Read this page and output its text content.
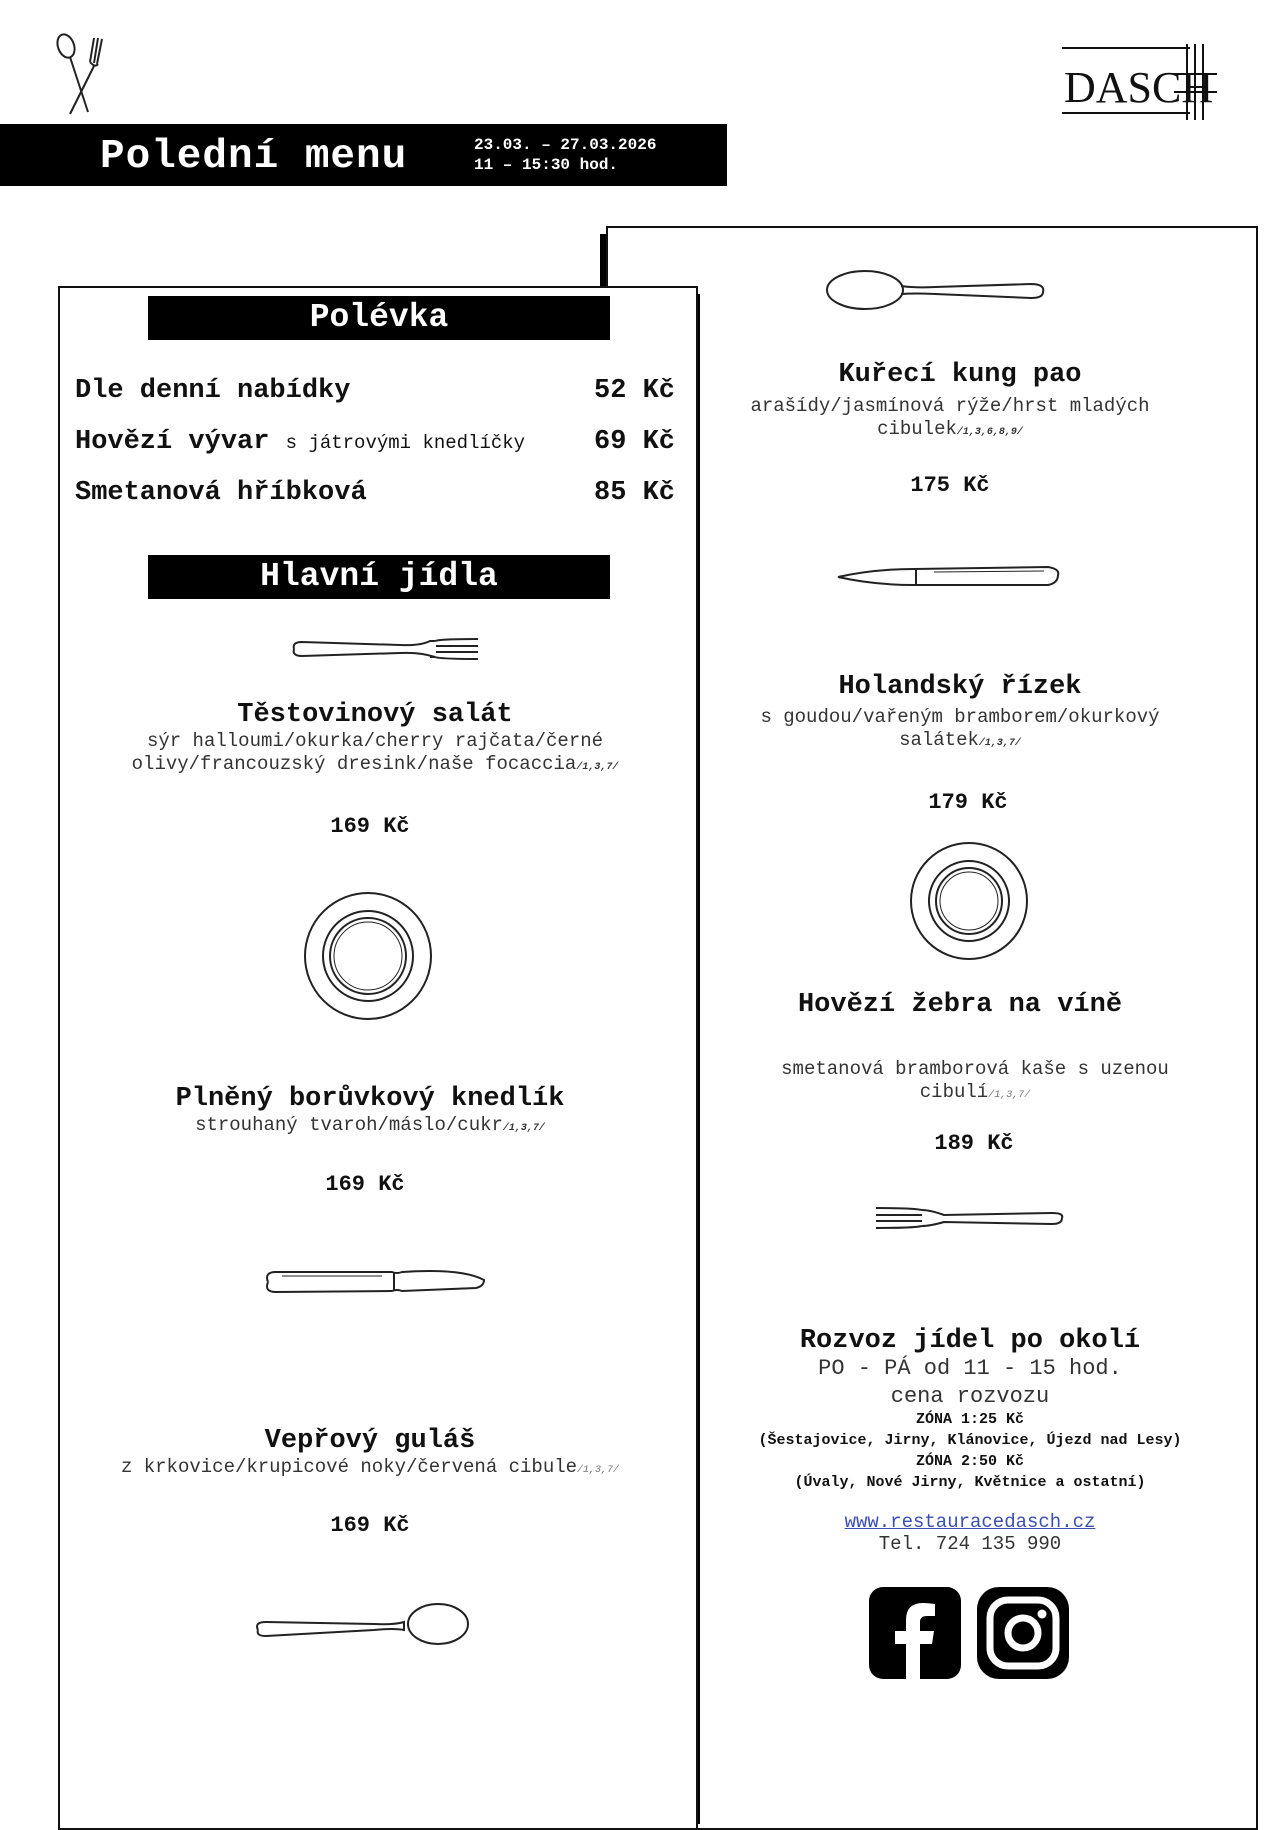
DASCH
Polední menu	23.03. – 27.03.2026
11 – 15:30 hod.
Polévka
Dle denní nabídky	52 Kč
Hovězí vývar s játrovými knedlíčky	69 Kč
Smetanová hříbková	85 Kč
Hlavní jídla
Těstovinový salát
sýr halloumi/okurka/cherry rajčata/černé olivy/francouzský dresink/naše focaccia/1,3,7/
169 Kč
Plněný borůvkový knedlík
strouhaný tvaroh/máslo/cukr/1,3,7/
169 Kč
Vepřový guláš
z krkovice/krupicové noky/červená cibule/1,3,7/
169 Kč
Kuřecí kung pao
arašídy/jasmínová rýže/hrst mladých cibulek/1,3,6,8,9/
175 Kč
Holandský řízek
s goudou/vařeným bramborem/okurkový salátek/1,3,7/
179 Kč
Hovězí žebra na víně
smetanová bramborová kaše s uzenou cibulí/1,3,7/
189 Kč
Rozvoz jídel po okolí
PO - PÁ od 11 - 15 hod.
cena rozvozu
ZÓNA 1:25 Kč
(Šestajovice, Jirny, Klánovice, Újezd nad Lesy)
ZÓNA 2:50 Kč
(Úvaly, Nové Jirny, Květnice a ostatní)
www.restauracedasch.cz
Tel. 724 135 990
